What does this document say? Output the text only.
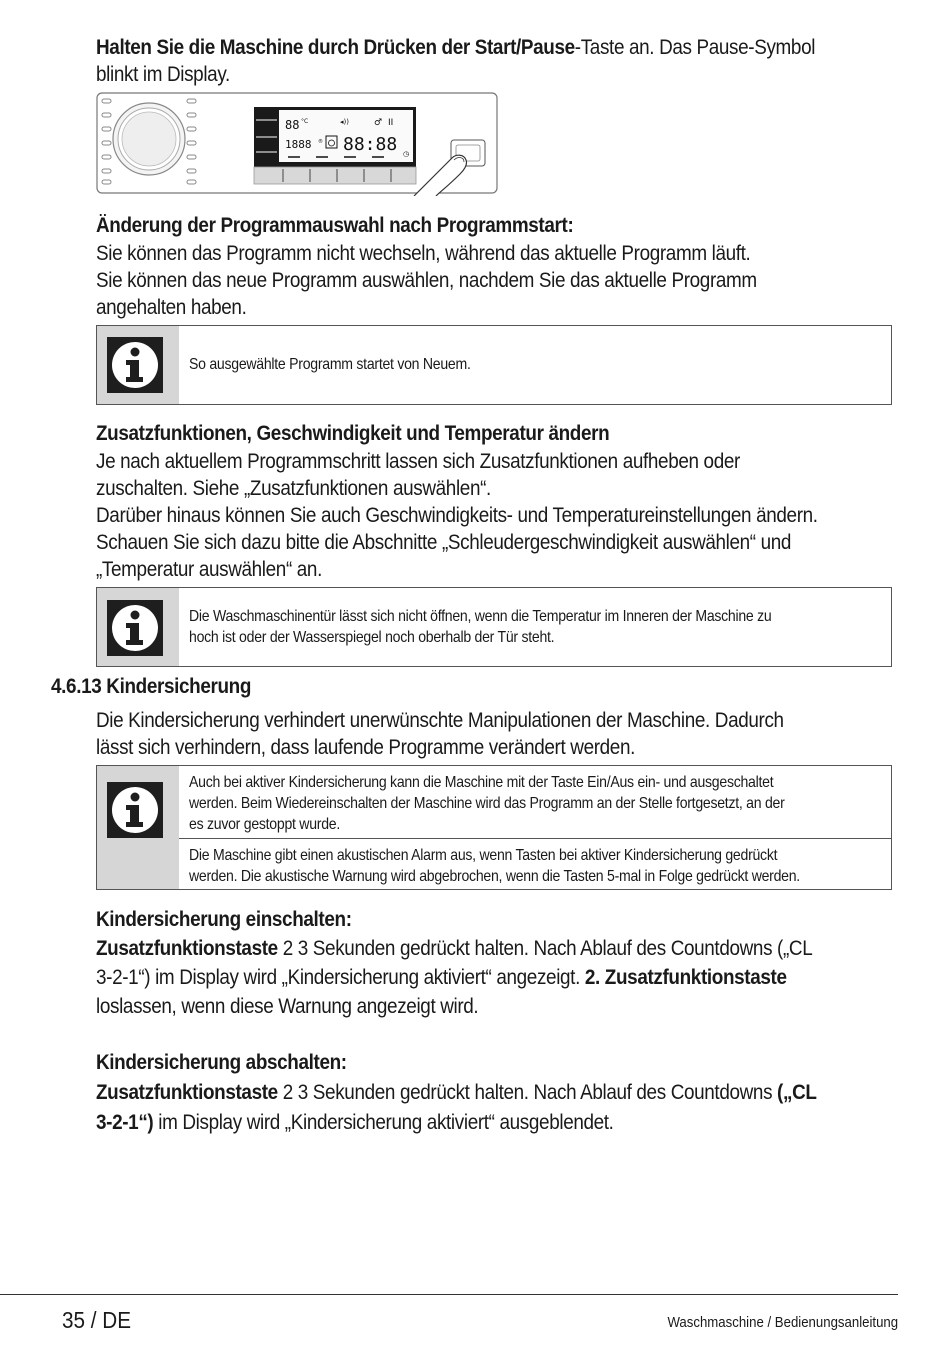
Halten Sie die Maschine durch Drücken der Start/Pause-Taste an. Das Pause-Symbol
blinkt im Display.
88 °C	◂))	♂ II
1888 ® 88:88 ◷
Änderung der Programmauswahl nach Programmstart:
Sie können das Programm nicht wechseln, während das aktuelle Programm läuft.
Sie können das neue Programm auswählen, nachdem Sie das aktuelle Programm
angehalten haben.
So ausgewählte Programm startet von Neuem.
Zusatzfunktionen, Geschwindigkeit und Temperatur ändern
Je nach aktuellem Programmschritt lassen sich Zusatzfunktionen aufheben oder
zuschalten. Siehe „Zusatzfunktionen auswählen“.
Darüber hinaus können Sie auch Geschwindigkeits- und Temperatureinstellungen ändern.
Schauen Sie sich dazu bitte die Abschnitte „Schleudergeschwindigkeit auswählen“ und
„Temperatur auswählen“ an.
Die Waschmaschinentür lässt sich nicht öffnen, wenn die Temperatur im Inneren der Maschine zu
hoch ist oder der Wasserspiegel noch oberhalb der Tür steht.
4.6.13 Kindersicherung
Die Kindersicherung verhindert unerwünschte Manipulationen der Maschine. Dadurch
lässt sich verhindern, dass laufende Programme verändert werden.
Auch bei aktiver Kindersicherung kann die Maschine mit der Taste Ein/Aus ein- und ausgeschaltet
werden. Beim Wiedereinschalten der Maschine wird das Programm an der Stelle fortgesetzt, an der
es zuvor gestoppt wurde.
Die Maschine gibt einen akustischen Alarm aus, wenn Tasten bei aktiver Kindersicherung gedrückt
werden. Die akustische Warnung wird abgebrochen, wenn die Tasten 5-mal in Folge gedrückt werden.
Kindersicherung einschalten:
Zusatzfunktionstaste 2 3 Sekunden gedrückt halten. Nach Ablauf des Countdowns („CL
3-2-1“) im Display wird „Kindersicherung aktiviert“ angezeigt. 2. Zusatzfunktionstaste
loslassen, wenn diese Warnung angezeigt wird.
Kindersicherung abschalten:
Zusatzfunktionstaste 2 3 Sekunden gedrückt halten. Nach Ablauf des Countdowns („CL
3-2-1“) im Display wird „Kindersicherung aktiviert“ ausgeblendet.
35 / DE	Waschmaschine / Bedienungsanleitung
